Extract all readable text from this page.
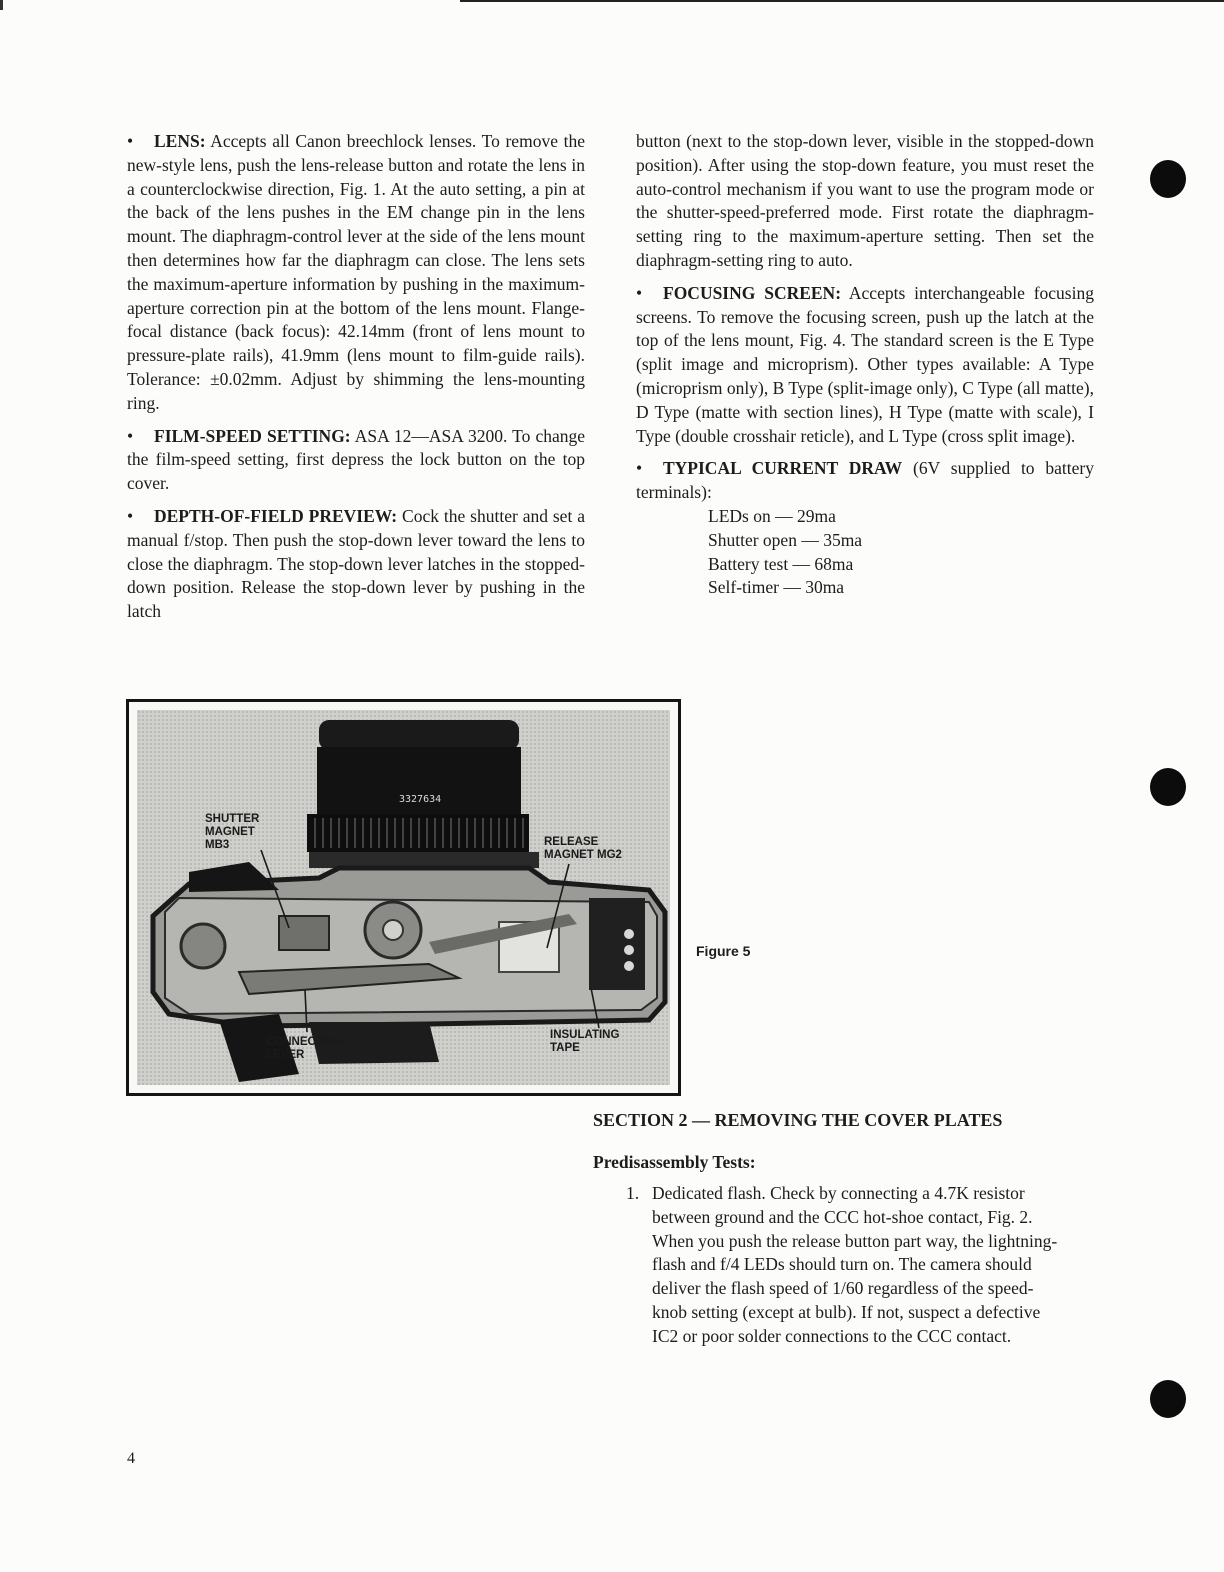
• LENS: Accepts all Canon breechlock lenses. To remove the new-style lens, push the lens-release button and rotate the lens in a counterclockwise direction, Fig. 1. At the auto setting, a pin at the back of the lens pushes in the EM change pin in the lens mount. The diaphragm-control lever at the side of the lens mount then determines how far the diaphragm can close. The lens sets the maximum-aperture information by pushing in the maximum-aperture correction pin at the bottom of the lens mount. Flange-focal distance (back focus): 42.14mm (front of lens mount to pressure-plate rails), 41.9mm (lens mount to film-guide rails). Tolerance: ±0.02mm. Adjust by shimming the lens-mounting ring.

• FILM-SPEED SETTING: ASA 12—ASA 3200. To change the film-speed setting, first depress the lock button on the top cover.

• DEPTH-OF-FIELD PREVIEW: Cock the shutter and set a manual f/stop. Then push the stop-down lever toward the lens to close the diaphragm. The stop-down lever latches in the stopped-down position. Release the stop-down lever by pushing in the latch

button (next to the stop-down lever, visible in the stopped-down position). After using the stop-down feature, you must reset the auto-control mechanism if you want to use the program mode or the shutter-speed-preferred mode. First rotate the diaphragm-setting ring to the maximum-aperture setting. Then set the diaphragm-setting ring to auto.

• FOCUSING SCREEN: Accepts interchangeable focusing screens. To remove the focusing screen, push up the latch at the top of the lens mount, Fig. 4. The standard screen is the E Type (split image and microprism). Other types available: A Type (microprism only), B Type (split-image only), C Type (all matte), D Type (matte with section lines), H Type (matte with scale), I Type (double crosshair reticle), and L Type (cross split image).

• TYPICAL CURRENT DRAW (6V supplied to battery terminals):

LEDs on — 29ma
Shutter open — 35ma
Battery test — 68ma
Self-timer — 30ma
3327634
SHUTTER
MAGNET
MB3	RELEASE
MAGNET MG2
CONNECTING
LEVER
INSULATING
TAPE
Figure 5
SECTION 2 — REMOVING THE COVER PLATES
Predisassembly Tests:
1. Dedicated flash. Check by connecting a 4.7K resistor between ground and the CCC hot-shoe contact, Fig. 2. When you push the release button part way, the lightning-flash and f/4 LEDs should turn on. The camera should deliver the flash speed of 1/60 regardless of the speed-knob setting (except at bulb). If not, suspect a defective IC2 or poor solder connections to the CCC contact.
4
